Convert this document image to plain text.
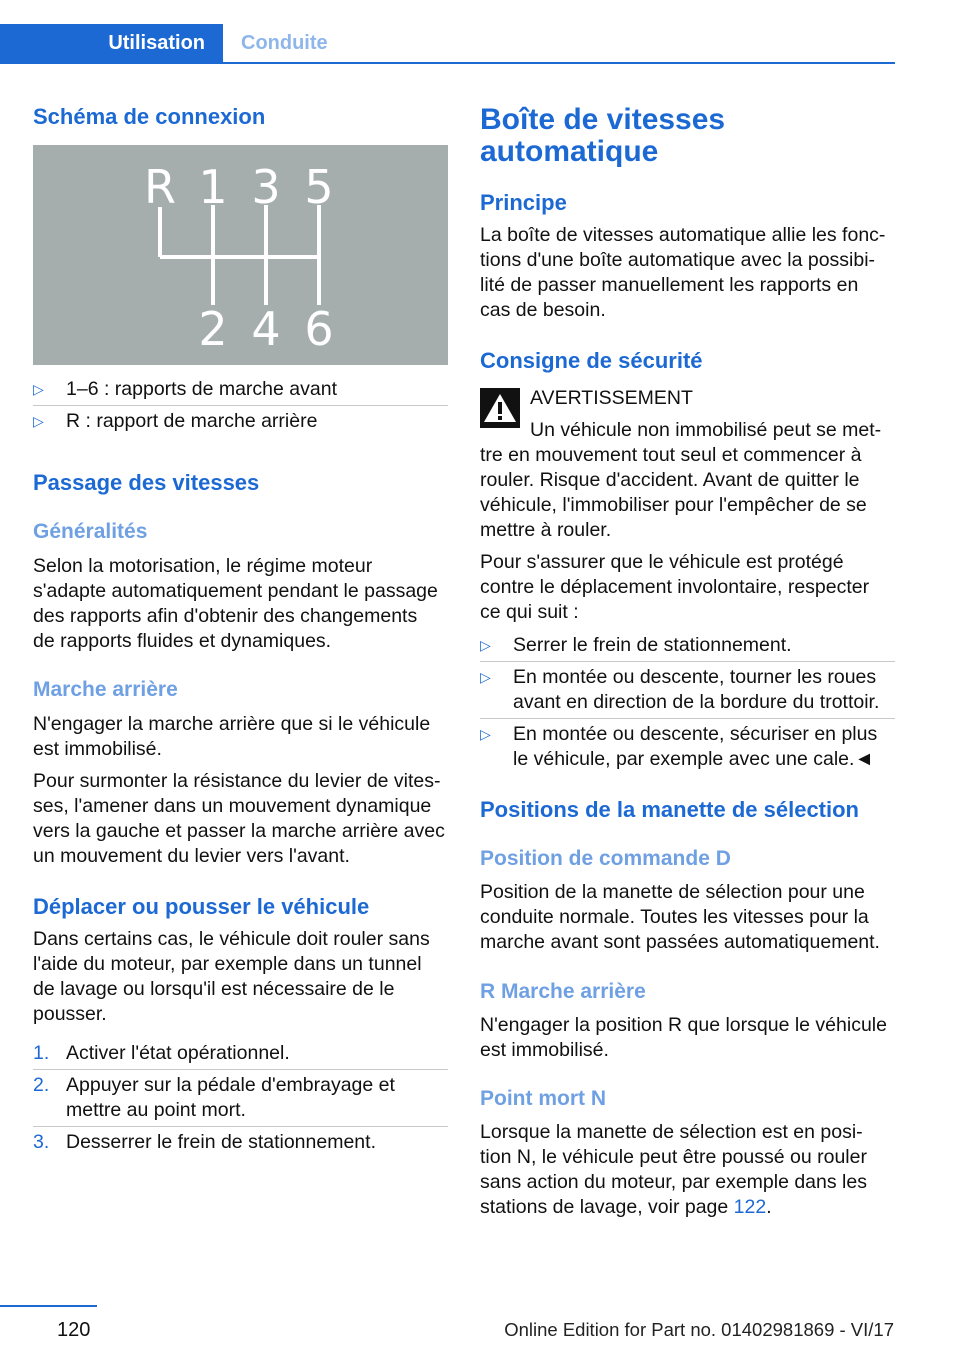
Utilisation	Conduite
Schéma de connexion
R 1 3 5
2 4 6
▷ 1–6 : rapports de marche avant
▷ R : rapport de marche arrière
Passage des vitesses
Généralités

Selon la motorisation, le régime moteur

s'adapte automatiquement pendant le passage

des rapports afin d'obtenir des changements

de rapports fluides et dynamiques.

Marche arrière

N'engager la marche arrière que si le véhicule

est immobilisé.

Pour surmonter la résistance du levier de vites-

ses, l'amener dans un mouvement dynamique

vers la gauche et passer la marche arrière avec

un mouvement du levier vers l'avant.

Déplacer ou pousser le véhicule

Dans certains cas, le véhicule doit rouler sans

l'aide du moteur, par exemple dans un tunnel

de lavage ou lorsqu'il est nécessaire de le

pousser.

1. Activer l'état opérationnel.
2. Appuyer sur la pédale d'embrayage et
mettre au point mort.
3. Desserrer le frein de stationnement.
Boîte de vitesses
automatique
Principe

La boîte de vitesses automatique allie les fonc-

tions d'une boîte automatique avec la possibi-

lité de passer manuellement les rapports en

cas de besoin.

Consigne de sécurité
AVERTISSEMENT

Un véhicule non immobilisé peut se met-

tre en mouvement tout seul et commencer à

rouler. Risque d'accident. Avant de quitter le

véhicule, l'immobiliser pour l'empêcher de se

mettre à rouler.

Pour s'assurer que le véhicule est protégé

contre le déplacement involontaire, respecter

ce qui suit :

▷ Serrer le frein de stationnement.
▷ En montée ou descente, tourner les roues
avant en direction de la bordure du trottoir.
▷ En montée ou descente, sécuriser en plus
le véhicule, par exemple avec une cale.◄
Positions de la manette de sélection
Position de commande D

Position de la manette de sélection pour une

conduite normale. Toutes les vitesses pour la

marche avant sont passées automatiquement.

R Marche arrière

N'engager la position R que lorsque le véhicule

est immobilisé.

Point mort N

Lorsque la manette de sélection est en posi-

tion N, le véhicule peut être poussé ou rouler

sans action du moteur, par exemple dans les

stations de lavage, voir page 122.

120	Online Edition for Part no. 01402981869 - VI/17
